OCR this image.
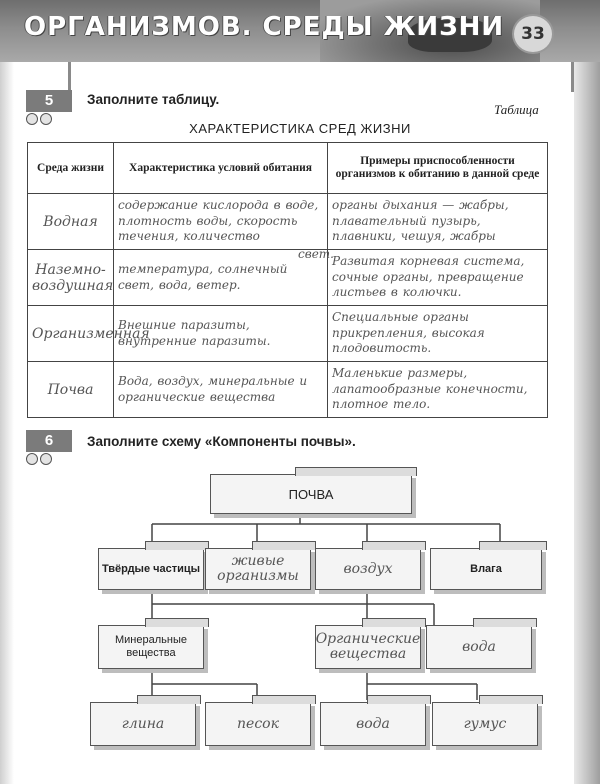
ОРГАНИЗМОВ. СРЕДЫ ЖИЗНИ 33
5	Заполните таблицу.
Таблица
ХАРАКТЕРИСТИКА СРЕД ЖИЗНИ
Среда жизни	Характеристика условий обитания	Примеры приспособленности организмов к обитанию в данной среде
Водная	содержание кислорода в воде, плотность воды, скорость течения, количество	органы дыхания — жабры, плавательный пузырь, плавники, чешуя, жабры
Наземно-воздушная	температура, солнечный свет, вода, ветер.	Развитая корневая система, сочные органы, превращение листьев в колючки.
Организменная	Внешние паразиты, внутренние паразиты.	Специальные органы прикрепления, высокая плодовитость.
Почва	Вода, воздух, минеральные и органические вещества	Маленькие размеры, лапатообразные конечности, плотное тело.
свет.
6	Заполните схему «Компоненты почвы».
ПОЧВА
Твёрдые частицы	живые организмы	воздух	Влага
Минеральные вещества
Органические вещества	вода
глина	песок	вода	гумус
